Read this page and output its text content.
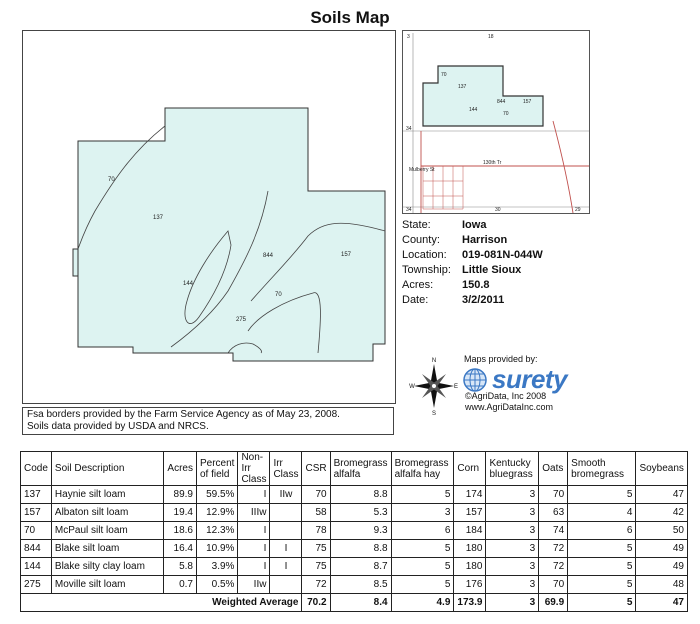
Soils Map
70
137
844	157
144
70
275
3	18
70
137
844	157
144
70
34
Mulberry St
130th Tr
34	30	29
State:	Iowa
County:	Harrison
Location:	019-081N-044W
Township:	Little Sioux
Acres:	150.8
Date:	3/2/2011
N
S
W	E
Maps provided by:
surety
©AgriData, Inc 2008
www.AgriDataInc.com
Fsa borders provided by the Farm Service Agency as of May 23, 2008.
Soils data provided by USDA and NRCS.
Code	Soil Description	Acres	Percent of field	Non-Irr Class	Irr Class	CSR	Bromegrass alfalfa	Bromegrass alfalfa hay	Corn	Kentucky bluegrass	Oats	Smooth bromegrass	Soybeans
137	Haynie silt loam	89.9	59.5%	I	IIw	70	8.8	5	174	3	70	5	47
157	Albaton silt loam	19.4	12.9%	IIIw		58	5.3	3	157	3	63	4	42
70	McPaul silt loam	18.6	12.3%	I		78	9.3	6	184	3	74	6	50
844	Blake silt loam	16.4	10.9%	I	I	75	8.8	5	180	3	72	5	49
144	Blake silty clay loam	5.8	3.9%	I	I	75	8.7	5	180	3	72	5	49
275	Moville silt loam	0.7	0.5%	IIw		72	8.5	5	176	3	70	5	48
Weighted Average						70.2	8.4	4.9	173.9	3	69.9	5	47
